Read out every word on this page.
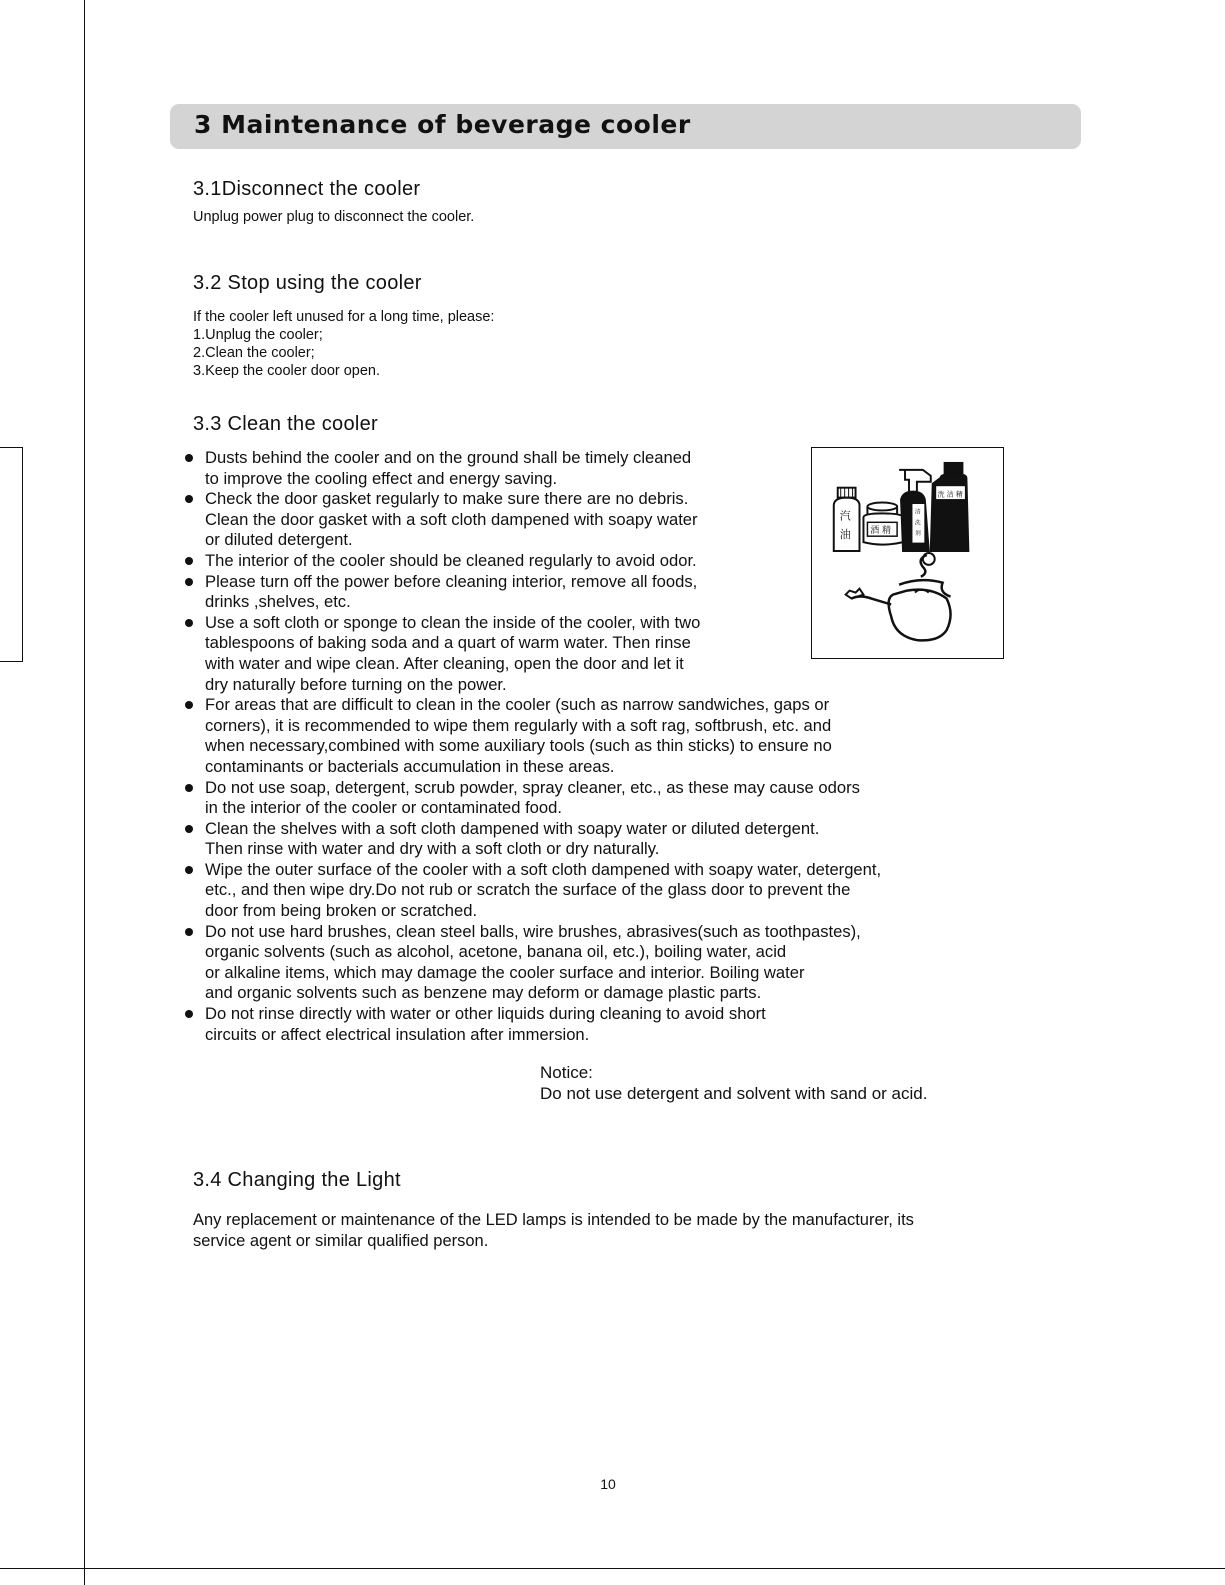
3 Maintenance of beverage cooler
3.1Disconnect the cooler

Unplug power plug to disconnect the cooler.

3.2 Stop using the cooler
If the cooler left unused for a long time, please:
1.Unplug the cooler;
2.Clean the cooler;
3.Keep the cooler door open.
3.3 Clean the cooler
Dusts behind the cooler and on the ground shall be timely cleaned
to improve the cooling effect and energy saving.
Check the door gasket regularly to make sure there are no debris.
Clean the door gasket with a soft cloth dampened with soapy water
or diluted detergent.
The interior of the cooler should be cleaned regularly to avoid odor.
Please turn off the power before cleaning interior, remove all foods,
drinks ,shelves, etc.
Use a soft cloth or sponge to clean the inside of the cooler, with two
tablespoons of baking soda and a quart of warm water. Then rinse
with water and wipe clean. After cleaning, open the door and let it
dry naturally before turning on the power.
For areas that are difficult to clean in the cooler (such as narrow sandwiches, gaps or
corners), it is recommended to wipe them regularly with a soft rag, softbrush, etc. and
when necessary,combined with some auxiliary tools (such as thin sticks) to ensure no
contaminants or bacterials accumulation in these areas.
Do not use soap, detergent, scrub powder, spray cleaner, etc., as these may cause odors
in the interior of the cooler or contaminated food.
Clean the shelves with a soft cloth dampened with soapy water or diluted detergent.
Then rinse with water and dry with a soft cloth or dry naturally.
Wipe the outer surface of the cooler with a soft cloth dampened with soapy water, detergent,
etc., and then wipe dry.Do not rub or scratch the surface of the glass door to prevent the
door from being broken or scratched.
Do not use hard brushes, clean steel balls, wire brushes, abrasives(such as toothpastes),
organic solvents (such as alcohol, acetone, banana oil, etc.), boiling water, acid
or alkaline items, which may damage the cooler surface and interior. Boiling water
and organic solvents such as benzene may deform or damage plastic parts.
Do not rinse directly with water or other liquids during cleaning to avoid short
circuits or affect electrical insulation after immersion.
汽
油 酒 精
清
洗
剂
洗 洁 精
Notice:
Do not use detergent and solvent with sand or acid.
3.4 Changing the Light
Any replacement or maintenance of the LED lamps is intended to be made by the manufacturer, its
service agent or similar qualified person.
10
